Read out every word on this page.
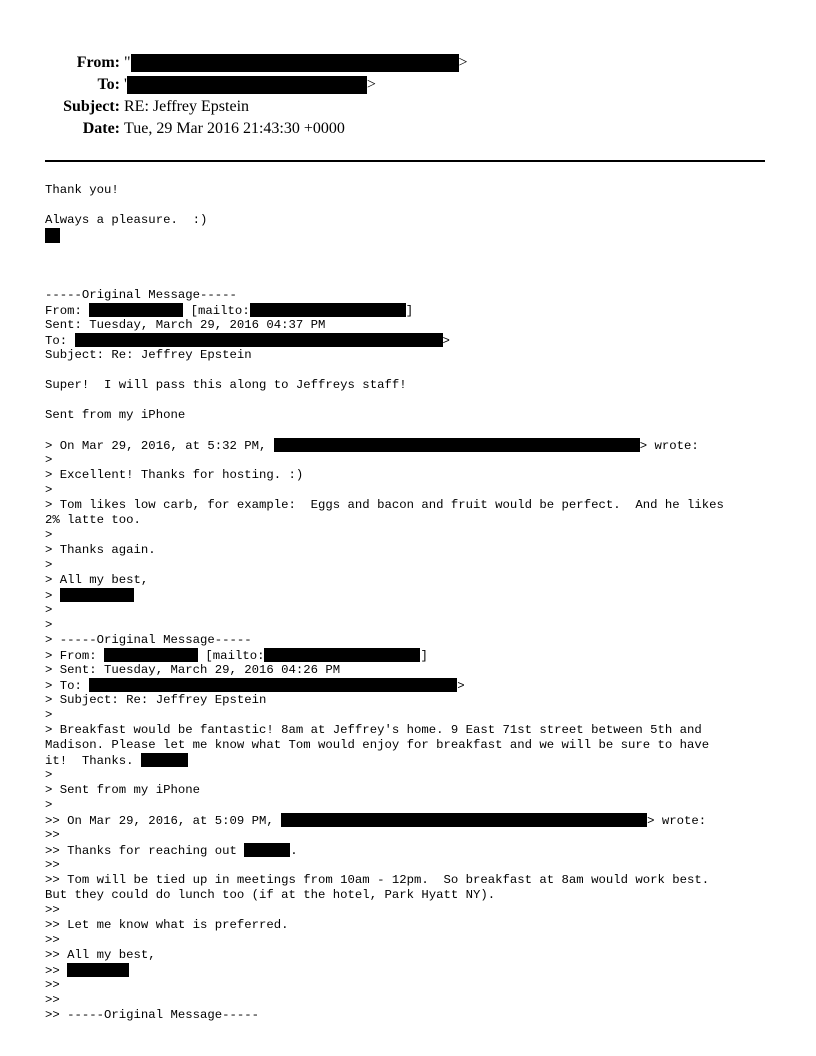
From: "	>
To: '	>
Subject: RE: Jeffrey Epstein
Date: Tue, 29 Mar 2016 21:43:30 +0000
Thank you!
Always a pleasure.  :)
-----Original Message-----
From:	[mailto:	]
Sent: Tuesday, March 29, 2016 04:37 PM
To:	>
Subject: Re: Jeffrey Epstein
Super!  I will pass this along to Jeffreys staff!
Sent from my iPhone
> On Mar 29, 2016, at 5:32 PM,	> wrote:
>
> Excellent! Thanks for hosting. :)
>
> Tom likes low carb, for example:  Eggs and bacon and fruit would be perfect.  And he likes
2% latte too.
>
> Thanks again.
>
> All my best,
>
>
>
> -----Original Message-----
> From:	[mailto:	]
> Sent: Tuesday, March 29, 2016 04:26 PM
> To:	>
> Subject: Re: Jeffrey Epstein
>
> Breakfast would be fantastic! 8am at Jeffrey's home. 9 East 71st street between 5th and
Madison. Please let me know what Tom would enjoy for breakfast and we will be sure to have
it!  Thanks.
>
> Sent from my iPhone
>
>> On Mar 29, 2016, at 5:09 PM,	> wrote:
>>
>> Thanks for reaching out	.
>>
>> Tom will be tied up in meetings from 10am - 12pm.  So breakfast at 8am would work best.
But they could do lunch too (if at the hotel, Park Hyatt NY).
>>
>> Let me know what is preferred.
>>
>> All my best,
>>
>>
>>
>> -----Original Message-----
